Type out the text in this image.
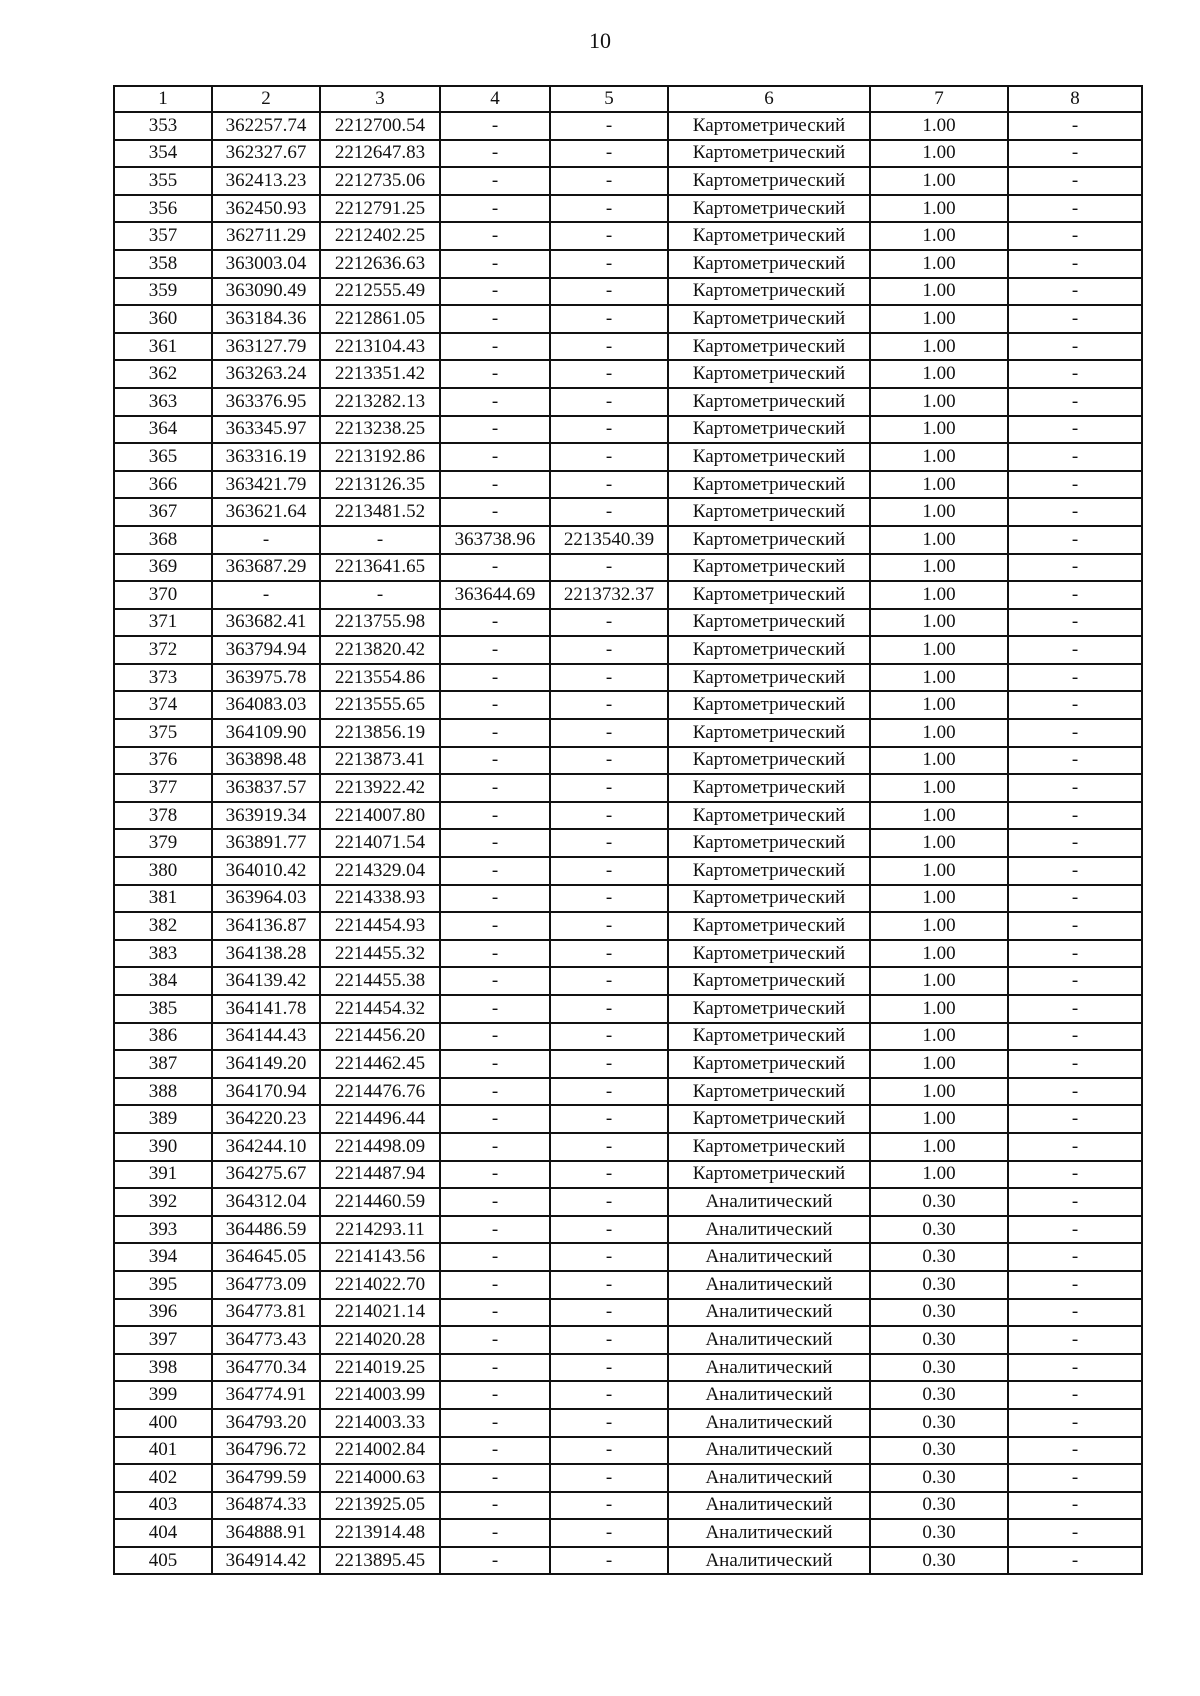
10
1	2	3	4	5	6	7	8
353	362257.74	2212700.54	-	-	Картометрический	1.00	-
354	362327.67	2212647.83	-	-	Картометрический	1.00	-
355	362413.23	2212735.06	-	-	Картометрический	1.00	-
356	362450.93	2212791.25	-	-	Картометрический	1.00	-
357	362711.29	2212402.25	-	-	Картометрический	1.00	-
358	363003.04	2212636.63	-	-	Картометрический	1.00	-
359	363090.49	2212555.49	-	-	Картометрический	1.00	-
360	363184.36	2212861.05	-	-	Картометрический	1.00	-
361	363127.79	2213104.43	-	-	Картометрический	1.00	-
362	363263.24	2213351.42	-	-	Картометрический	1.00	-
363	363376.95	2213282.13	-	-	Картометрический	1.00	-
364	363345.97	2213238.25	-	-	Картометрический	1.00	-
365	363316.19	2213192.86	-	-	Картометрический	1.00	-
366	363421.79	2213126.35	-	-	Картометрический	1.00	-
367	363621.64	2213481.52	-	-	Картометрический	1.00	-
368	-	-	363738.96	2213540.39	Картометрический	1.00	-
369	363687.29	2213641.65	-	-	Картометрический	1.00	-
370	-	-	363644.69	2213732.37	Картометрический	1.00	-
371	363682.41	2213755.98	-	-	Картометрический	1.00	-
372	363794.94	2213820.42	-	-	Картометрический	1.00	-
373	363975.78	2213554.86	-	-	Картометрический	1.00	-
374	364083.03	2213555.65	-	-	Картометрический	1.00	-
375	364109.90	2213856.19	-	-	Картометрический	1.00	-
376	363898.48	2213873.41	-	-	Картометрический	1.00	-
377	363837.57	2213922.42	-	-	Картометрический	1.00	-
378	363919.34	2214007.80	-	-	Картометрический	1.00	-
379	363891.77	2214071.54	-	-	Картометрический	1.00	-
380	364010.42	2214329.04	-	-	Картометрический	1.00	-
381	363964.03	2214338.93	-	-	Картометрический	1.00	-
382	364136.87	2214454.93	-	-	Картометрический	1.00	-
383	364138.28	2214455.32	-	-	Картометрический	1.00	-
384	364139.42	2214455.38	-	-	Картометрический	1.00	-
385	364141.78	2214454.32	-	-	Картометрический	1.00	-
386	364144.43	2214456.20	-	-	Картометрический	1.00	-
387	364149.20	2214462.45	-	-	Картометрический	1.00	-
388	364170.94	2214476.76	-	-	Картометрический	1.00	-
389	364220.23	2214496.44	-	-	Картометрический	1.00	-
390	364244.10	2214498.09	-	-	Картометрический	1.00	-
391	364275.67	2214487.94	-	-	Картометрический	1.00	-
392	364312.04	2214460.59	-	-	Аналитический	0.30	-
393	364486.59	2214293.11	-	-	Аналитический	0.30	-
394	364645.05	2214143.56	-	-	Аналитический	0.30	-
395	364773.09	2214022.70	-	-	Аналитический	0.30	-
396	364773.81	2214021.14	-	-	Аналитический	0.30	-
397	364773.43	2214020.28	-	-	Аналитический	0.30	-
398	364770.34	2214019.25	-	-	Аналитический	0.30	-
399	364774.91	2214003.99	-	-	Аналитический	0.30	-
400	364793.20	2214003.33	-	-	Аналитический	0.30	-
401	364796.72	2214002.84	-	-	Аналитический	0.30	-
402	364799.59	2214000.63	-	-	Аналитический	0.30	-
403	364874.33	2213925.05	-	-	Аналитический	0.30	-
404	364888.91	2213914.48	-	-	Аналитический	0.30	-
405	364914.42	2213895.45	-	-	Аналитический	0.30	-
